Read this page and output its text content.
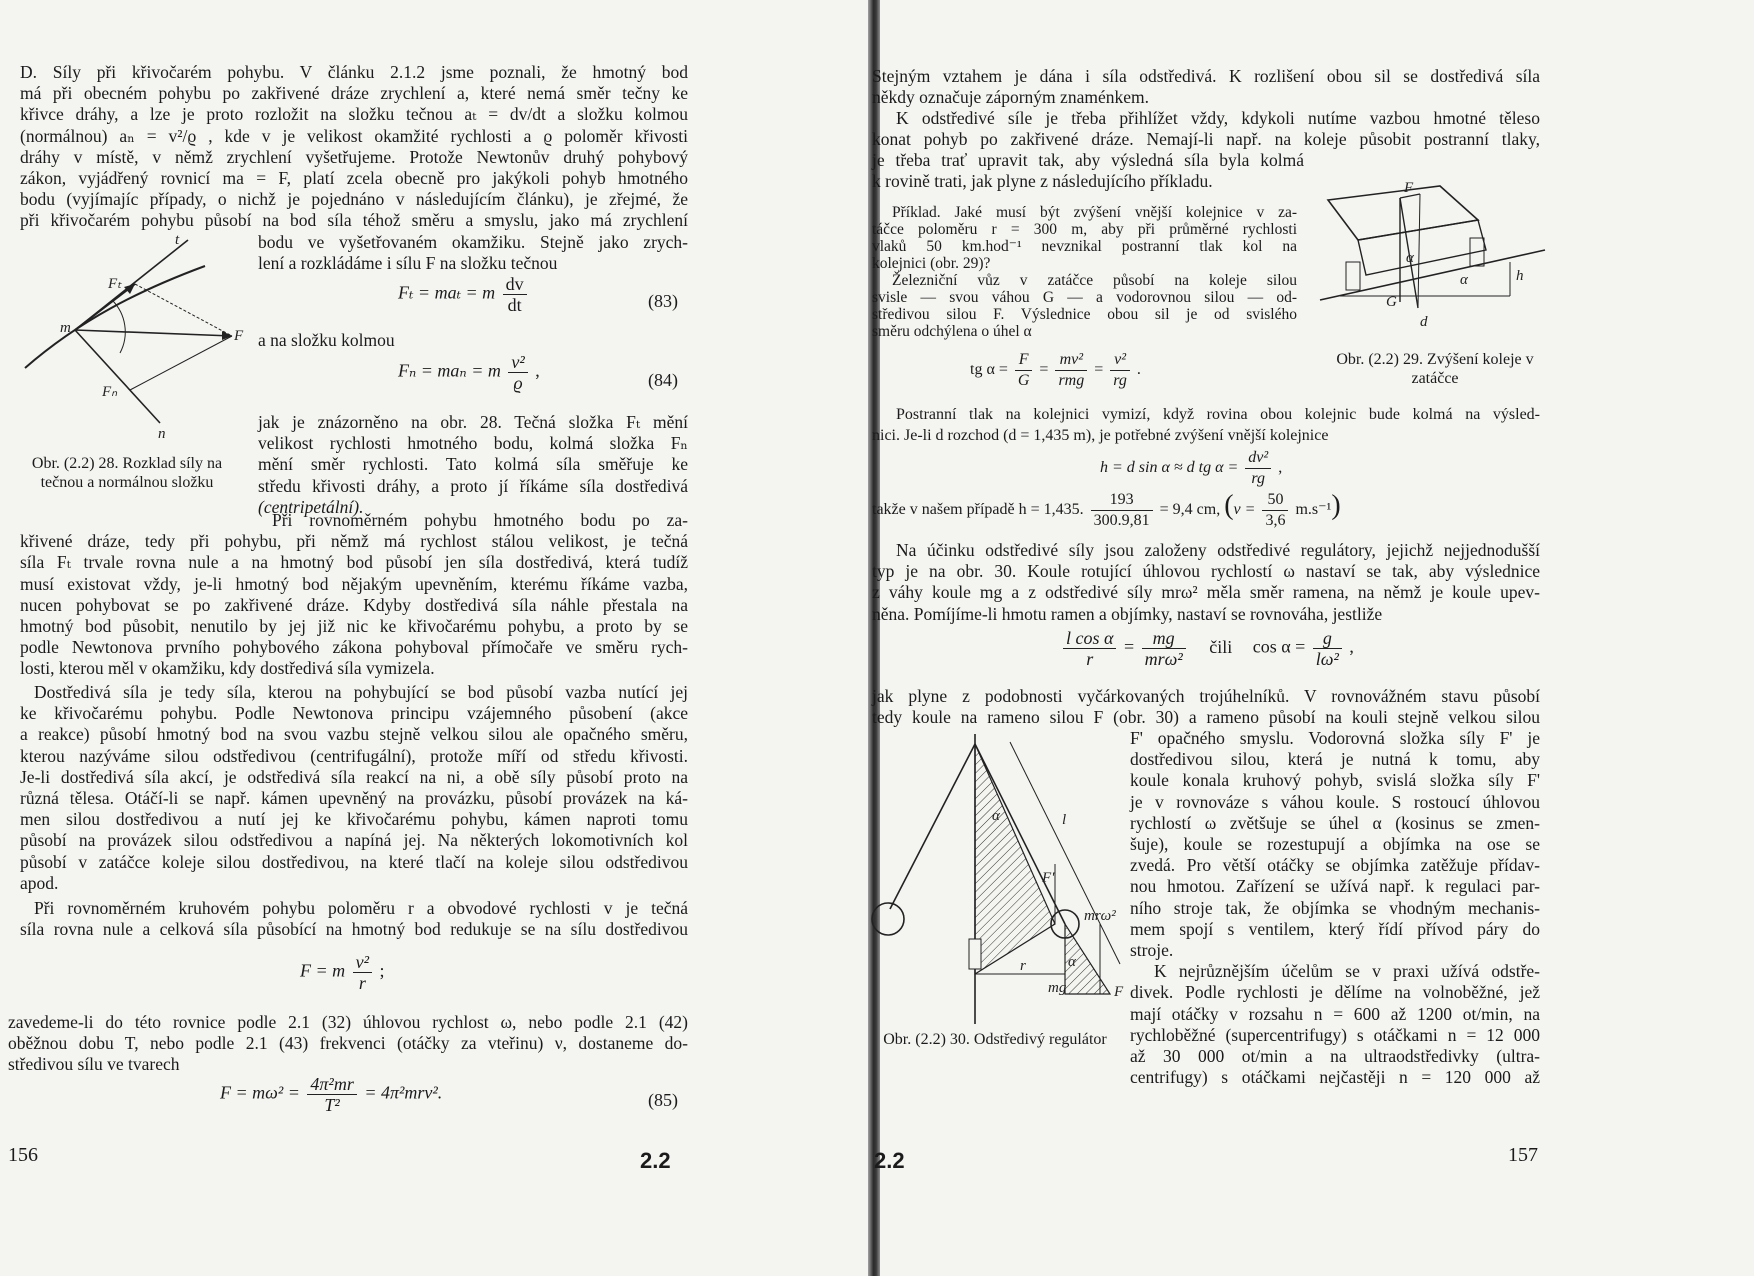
D. Síly při křivočarém pohybu. V článku 2.1.2 jsme poznali, že hmotný bod
má při obecném pohybu po zakřivené dráze zrychlení a, které nemá směr tečny ke
křivce dráhy, a lze je proto rozložit na složku tečnou aₜ = dv/dt a složku kolmou
(normálnou) aₙ = v²/ϱ , kde v je velikost okamžité rychlosti a ϱ poloměr křivosti
dráhy v místě, v němž zrychlení vyšetřujeme. Protože Newtonův druhý pohybový
zákon, vyjádřený rovnicí ma = F, platí zcela obecně pro jakýkoli pohyb hmotného
bodu (vyjímajíc případy, o nichž je pojednáno v následujícím článku), je zřejmé, že
při křivočarém pohybu působí na bod síla téhož směru a smyslu, jako má zrychlení
bodu ve vyšetřovaném okamžiku. Stejně jako zrych-
lení a rozkládáme i sílu F na složku tečnou
Fₜ = maₜ = m $\frac{dv}{dt}$	(83)
a na složku kolmou
Fₙ = maₙ = m $\frac{\text{v²}}{ϱ}$ ,	(84)
jak je znázorněno na obr. 28. Tečná složka Fₜ mění
velikost rychlosti hmotného bodu, kolmá složka Fₙ
mění směr rychlosti. Tato kolmá síla směřuje ke
středu křivosti dráhy, a proto jí říkáme síla dostředivá
(centripetální).
t
Fₜ
m	F
Fₙ
n
Obr. (2.2) 28. Rozklad síly na tečnou a normálnou složku
Při rovnoměrném pohybu hmotného bodu po za-
křivené dráze, tedy při pohybu, při němž má rychlost stálou velikost, je tečná
síla Fₜ trvale rovna nule a na hmotný bod působí jen síla dostředivá, která tudíž
musí existovat vždy, je-li hmotný bod nějakým upevněním, kterému říkáme vazba,
nucen pohybovat se po zakřivené dráze. Kdyby dostředivá síla náhle přestala na
hmotný bod působit, nenutilo by jej již nic ke křivočarému pohybu, a proto by se
podle Newtonova prvního pohybového zákona pohyboval přímočaře ve směru rych-
losti, kterou měl v okamžiku, kdy dostředivá síla vymizela.
Dostředivá síla je tedy síla, kterou na pohybující se bod působí vazba nutící jej
ke křivočarému pohybu. Podle Newtonova principu vzájemného působení (akce
a reakce) působí hmotný bod na svou vazbu stejně velkou silou ale opačného směru,
kterou nazýváme silou odstředivou (centrifugální), protože míří od středu křivosti.
Je-li dostředivá síla akcí, je odstředivá síla reakcí na ni, a obě síly působí proto na
různá tělesa. Otáčí-li se např. kámen upevněný na provázku, působí provázek na ká-
men silou dostředivou a nutí jej ke křivočarému pohybu, kámen naproti tomu
působí na provázek silou odstředivou a napíná jej. Na některých lokomotivních kol
působí v zatáčce koleje silou dostředivou, na které tlačí na koleje silou odstředivou
apod.
Při rovnoměrném kruhovém pohybu poloměru r a obvodové rychlosti v je tečná
síla rovna nule a celková síla působící na hmotný bod redukuje se na sílu dostředivou
F = m $\frac{\text{v²}}{r}$ ;
zavedeme-li do této rovnice podle 2.1 (32) úhlovou rychlost ω, nebo podle 2.1 (42)
oběžnou dobu T, nebo podle 2.1 (43) frekvenci (otáčky za vteřinu) ν, dostaneme do-
středivou sílu ve tvarech
$F = m\omega^2 = \frac{\text{4π²mr}}{\text{T²}} = 4\pi^2mr\nu^2$.	(85)
156	2.2
Stejným vztahem je dána i síla odstředivá. K rozlišení obou sil se dostředivá síla
někdy označuje záporným znaménkem.
K odstředivé síle je třeba přihlížet vždy, kdykoli nutíme vazbou hmotné těleso
konat pohyb po zakřivené dráze. Nemají-li např. na koleje působit postranní tlaky,
je třeba trať upravit tak, aby výsledná síla byla kolmá
k rovině trati, jak plyne z následujícího příkladu.
Příklad. Jaké musí být zvýšení vnější kolejnice v za-
táčce poloměru r = 300 m, aby při průměrné rychlosti
vlaků 50 km.hod⁻¹ nevznikal postranní tlak kol na
kolejnici (obr. 29)?
Železniční vůz v zatáčce působí na koleje silou
svisle — svou váhou G — a vodorovnou silou — od-
středivou silou F. Výslednice obou sil je od svislého
směru odchýlena o úhel α
tg $\alpha = \frac{F}{G} = \frac{\text{mv²}}{\text{rmg}} = \frac{\text{v²}}{rg}$ .
F
G
α
α	h
d
Obr. (2.2) 29. Zvýšení koleje v zatáčce
Postranní tlak na kolejnici vymizí, když rovina obou kolejnic bude kolmá na výsled-
nici. Je-li d rozchod (d = 1,435 m), je potřebné zvýšení vnější kolejnice
h = d sin α ≈ d tg $\alpha = \frac{\text{dv²}}{rg}$ ,
takže v našem případě h = 1,435. $\frac{193}{300.9,81} = 9,4$ cm, $(v = \frac{50}{3,6} m.s^{-1})$
Na účinku odstředivé síly jsou založeny odstředivé regulátory, jejichž nejjednodušší
typ je na obr. 30. Koule rotující úhlovou rychlostí ω nastaví se tak, aby výslednice
z váhy koule mg a z odstředivé síly mrω² měla směr ramena, na němž je koule upev-
něna. Pomíjíme-li hmotu ramen a objímky, nastaví se rovnováha, jestliže
$\frac{\text{l cos α}}{r} = \frac{mg}{\text{mrω²}}$ čili $\cos \alpha = \frac{g}{\text{lω²}}$ ,
jak plyne z podobnosti vyčárkovaných trojúhelníků. V rovnovážném stavu působí
tedy koule na rameno silou F (obr. 30) a rameno působí na kouli stejně velkou silou
α
α
l
F'
mrω²
F
r
mg
Obr. (2.2) 30. Odstředivý regulátor
F' opačného smyslu. Vodorovná složka síly F' je
dostředivou silou, která je nutná k tomu, aby
koule konala kruhový pohyb, svislá složka síly F'
je v rovnováze s váhou koule. S rostoucí úhlovou
rychlostí ω zvětšuje se úhel α (kosinus se zmen-
šuje), koule se rozestupují a objímka na ose se
zvedá. Pro větší otáčky se objímka zatěžuje přídav-
nou hmotou. Zařízení se užívá např. k regulaci par-
ního stroje tak, že objímka se vhodným mechanis-
mem spojí s ventilem, který řídí přívod páry do
stroje.
K nejrůznějším účelům se v praxi užívá odstře-
divek. Podle rychlosti je dělíme na volnoběžné, jež
mají otáčky v rozsahu n = 600 až 1200 ot/min, na
rychloběžné (supercentrifugy) s otáčkami n = 12 000
až 30 000 ot/min a na ultraodstředivky (ultra-
centrifugy) s otáčkami nejčastěji n = 120 000 až
2.2	157
